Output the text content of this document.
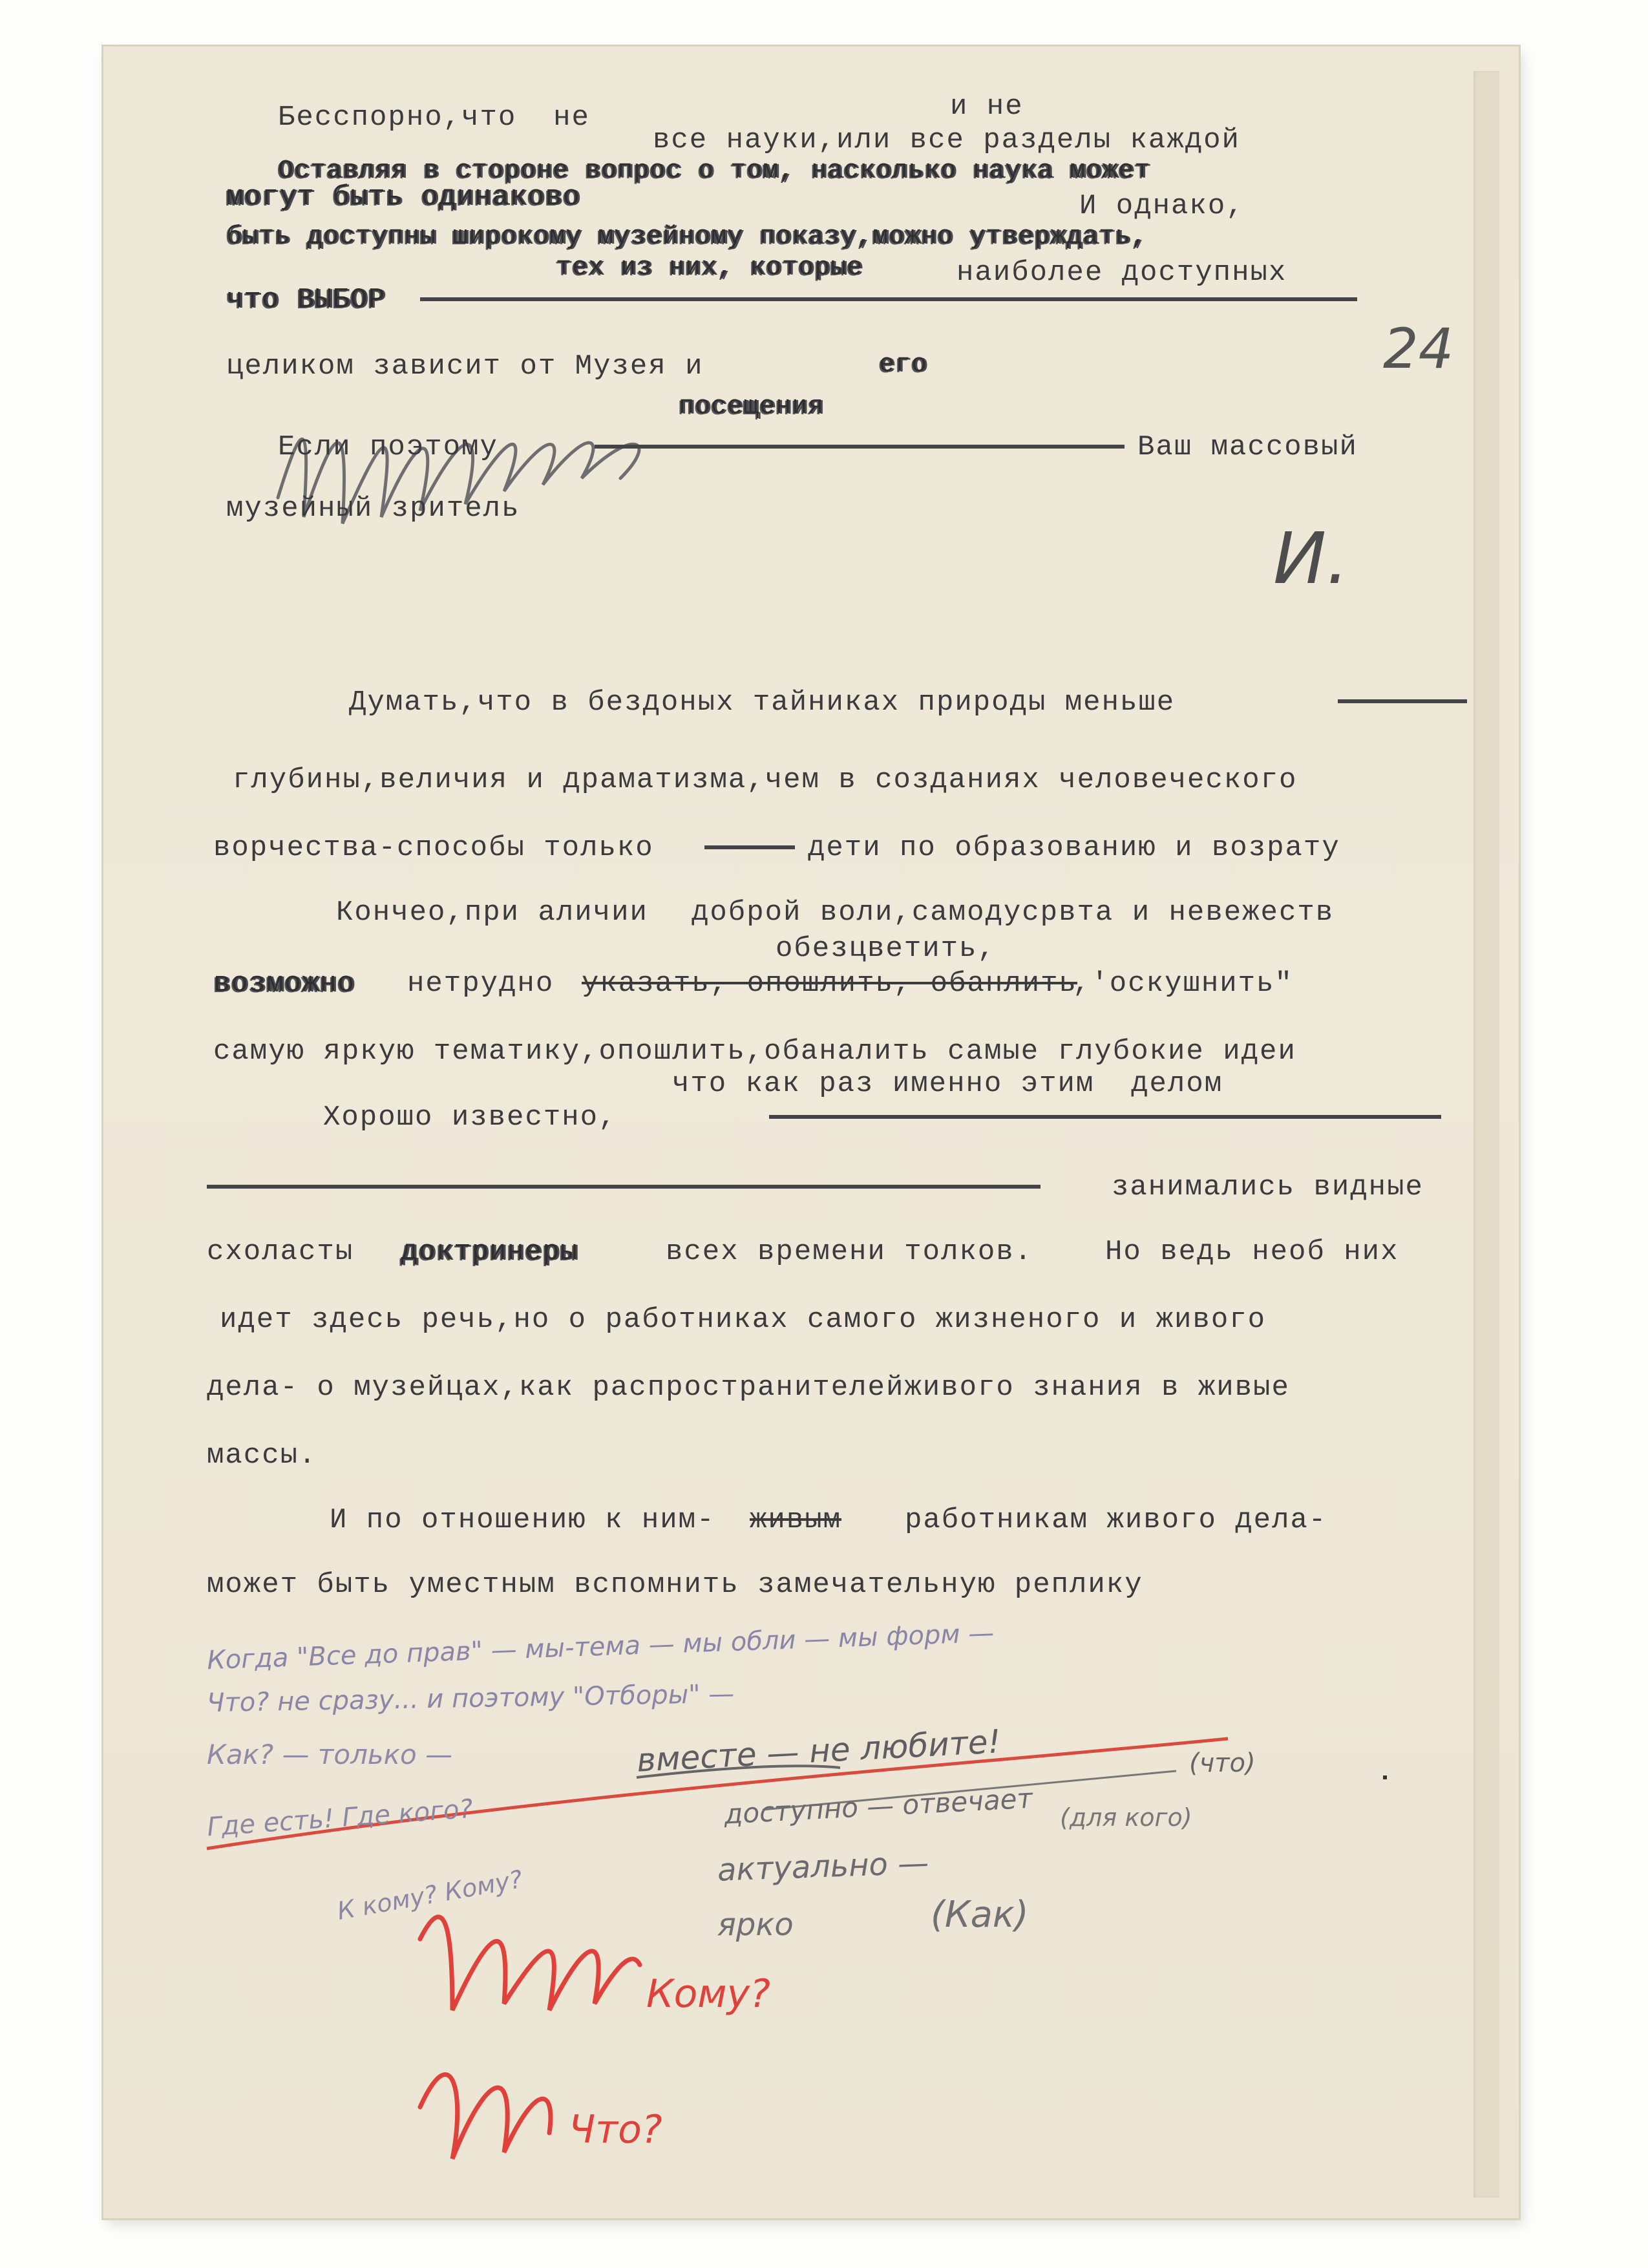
24
И.
Бесспорно,что  не	и не
все науки,или все разделы каждой
Оставляя в стороне вопрос о том, насколько наука может
могут быть одинаково	И однако,
быть доступны широкому музейному показу,можно утверждать,
тех из них, которые	наиболее доступных
что ВЫБОР
целиком зависит от Музея и	его
посещения
Если поэтому	Ваш массовый
музейный зритель
Думать,что в бездоных тайниках природы меньше
глубины,величия и драматизма,чем в созданиях человеческого
ворчества-способы только	дети по образованию и возрату
Кончео,при аличии доброй воли,самодусрвта и невежеств
обезцветить,
возможно нетрудно указать, опошлить, обанлить
,'оскушнить"
самую яркую тематику,опошлить,обаналить самые глубокие идеи
что как раз именно этим  делом
Хорошо известно,
занимались видные
схоласты доктринеры	всех времени толков.	Но ведь необ них
идет здесь речь,но о работниках самого жизненого и живого
дела- о музейцах,как распространителейживого знания в живые
массы.
И по отношению к ним- живым работникам живого дела-
может быть уместным вспомнить замечательную реплику
Когда "Все до прав" — мы-тема — мы обли — мы форм —
Что? не сразу... и поэтому "Отборы" —
Как? — только —	вместе — не любите!	(что)
Где есть! Где кого?	доступно — отвечает (для кого)
К кому? Кому?	актуально —
ярко	(Как)
Кому?
Что?
